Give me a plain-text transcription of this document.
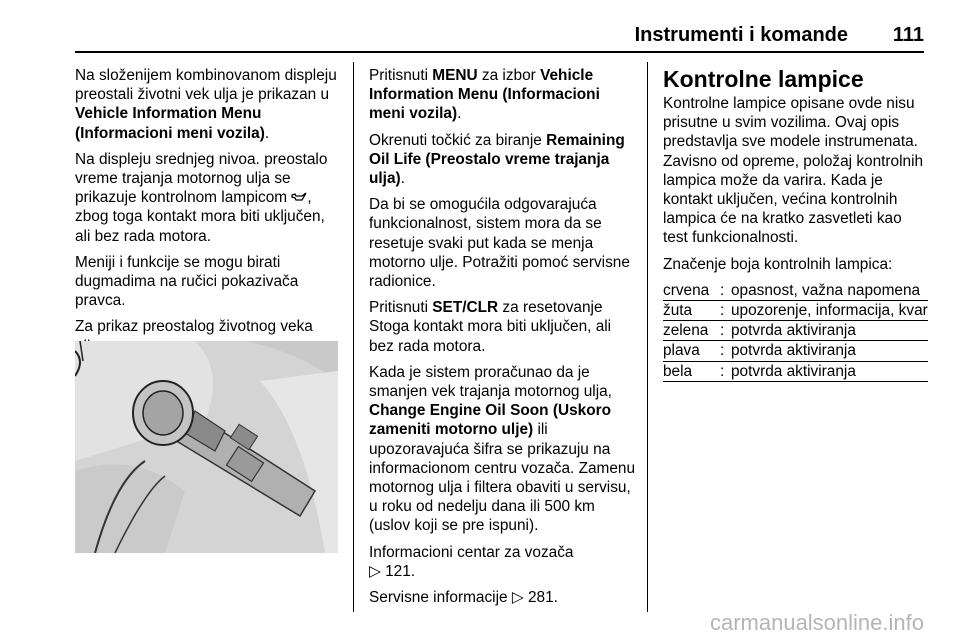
Instrumenti i komande 111

Na složenijem kombinovanom displeju preostali životni vek ulja je prikazan u Vehicle Information Menu (Informacioni meni vozila).

Na displeju srednjeg nivoa. preostalo vreme trajanja motornog ulja se prikazuje kontrolnom lampicom , zbog toga kontakt mora biti uključen, ali bez rada motora.

Meniji i funkcije se mogu birati dugmadima na ručici pokazivača pravca.

Za prikaz preostalog životnog veka

Pritisnuti MENU za izbor Vehicle Information Menu (Informacioni meni vozila).

Okrenuti točkić za biranje Remaining Oil Life (Preostalo vreme trajanja ulja).

Da bi se omogućila odgovarajuća funkcionalnost, sistem mora da se resetuje svaki put kada se menja motorno ulje. Potražiti pomoć servisne radionice.

Pritisnuti SET/CLR za resetovanje Stoga kontakt mora biti uključen, ali bez rada motora.

Kada je sistem proračunao da je smanjen vek trajanja motornog ulja, Change Engine Oil Soon (Uskoro zameniti motorno ulje) ili upozoravajuća šifra se prikazuju na informacionom centru vozača. Zamenu motornog ulja i filtera obaviti u servisu, u roku od nedelju dana ili 500 km (uslov koji se pre ispuni).

Informacioni centar za vozača
▷ 121.

Servisne informacije ▷ 281.

Kontrolne lampice

Kontrolne lampice opisane ovde nisu prisutne u svim vozilima. Ovaj opis predstavlja sve modele instrumenata. Zavisno od opreme, položaj kontrolnih lampica može da varira. Kada je kontakt uključen, većina kontrolnih lampica će na kratko zasvetleti kao test funkcionalnosti.

Značenje boja kontrolnih lampica:

crvena	:	opasnost, važna napomena
žuta	:	upozorenje, informacija, kvar
zelena	:	potvrda aktiviranja
plava	:	potvrda aktiviranja
bela	:	potvrda aktiviranja
carmanualsonline.info
